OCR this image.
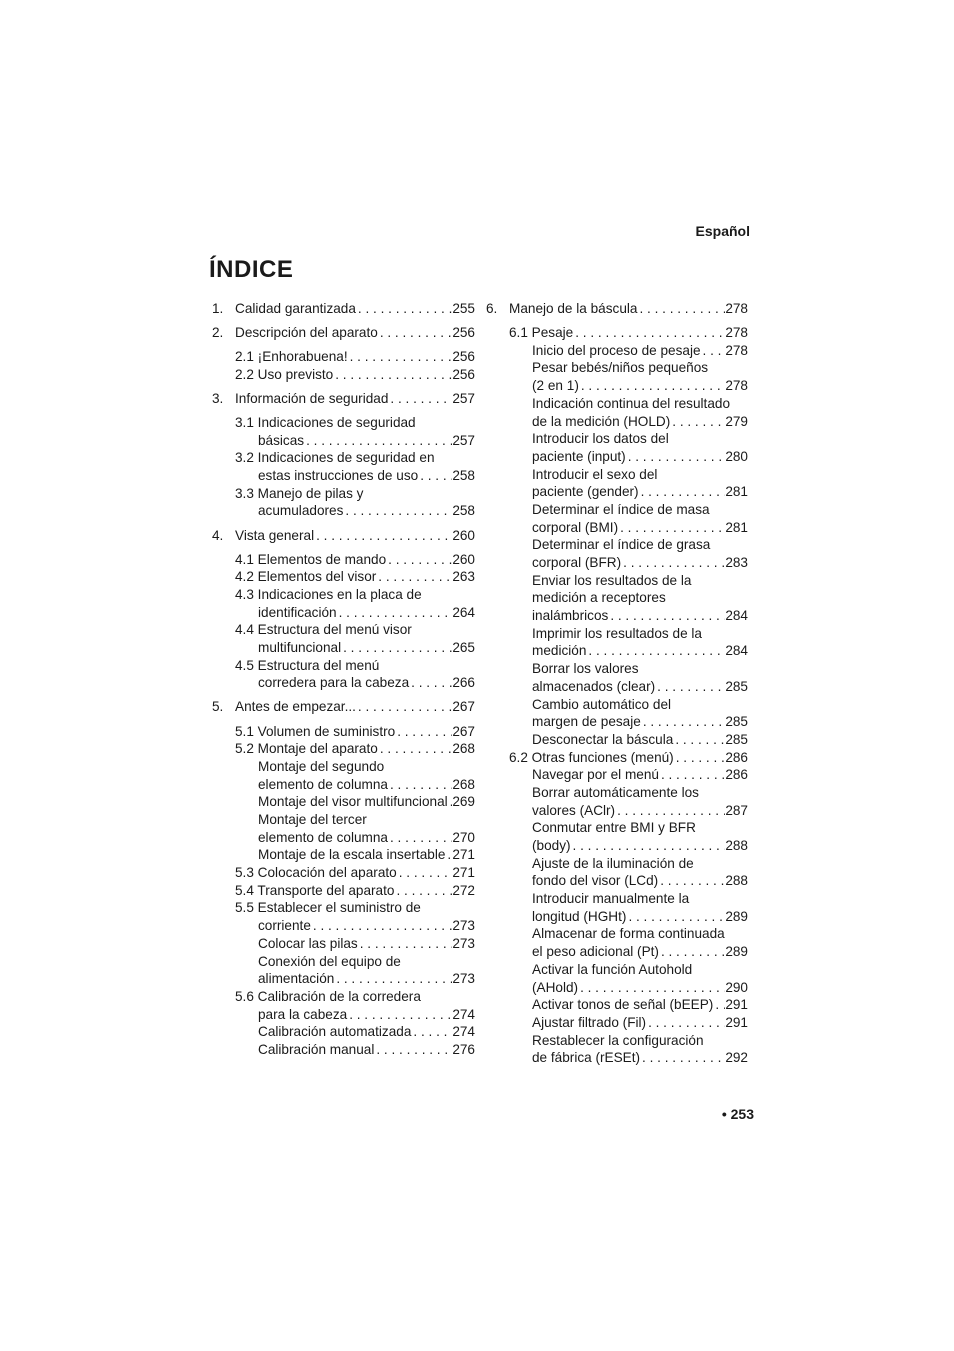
Español
ÍNDICE
1. Calidad garantizada . . .	255
2. Descripción del aparato . . .	256
2.1 ¡Enhorabuena! . . .	256
2.2 Uso previsto . . .	256
3. Información de seguridad . . .	257
3.1 Indicaciones de seguridad
básicas . . .	257
3.2 Indicaciones de seguridad en
estas instrucciones de uso . . .	258
3.3 Manejo de pilas y
acumuladores . . .	258
4. Vista general . . .	260
4.1 Elementos de mando . . .	260
4.2 Elementos del visor . . .	263
4.3 Indicaciones en la placa de
identificación . . .	264
4.4 Estructura del menú visor
multifuncional . . .	265
4.5 Estructura del menú
corredera para la cabeza . . .	266
5. Antes de empezar... . . .	267
5.1 Volumen de suministro . . .	267
5.2 Montaje del aparato . . .	268
Montaje del segundo
elemento de columna . . .	268
Montaje del visor multifuncional . . . 269
Montaje del tercer
elemento de columna . . .	270
Montaje de la escala insertable . . . 271
5.3 Colocación del aparato . . .	271
5.4 Transporte del aparato . . .	272
5.5 Establecer el suministro de
corriente . . .	273
Colocar las pilas . . .	273
Conexión del equipo de
alimentación . . .	273
5.6 Calibración de la corredera
para la cabeza . . .	274
Calibración automatizada . . .	274
Calibración manual . . .	276
6. Manejo de la báscula . . .	278
6.1 Pesaje . . .	278
Inicio del proceso de pesaje . . . 278
Pesar bebés/niños pequeños
(2 en 1) . . .	278
Indicación continua del resultado
de la medición (HOLD) . . .	279
Introducir los datos del
paciente (input) . . .	280
Introducir el sexo del
paciente (gender) . . .	281
Determinar el índice de masa
corporal (BMI) . . .	281
Determinar el índice de grasa
corporal (BFR) . . .	283
Enviar los resultados de la
medición a receptores
inalámbricos . . .	284
Imprimir los resultados de la
medición . . .	284
Borrar los valores
almacenados (clear) . . .	285
Cambio automático del
margen de pesaje . . .	285
Desconectar la báscula . . .	285
6.2 Otras funciones (menú) . . .	286
Navegar por el menú . . .	286
Borrar automáticamente los
valores (AClr) . . .	287
Conmutar entre BMI y BFR
(body) . . .	288
Ajuste de la iluminación de
fondo del visor (LCd) . . .	288
Introducir manualmente la
longitud (HGHt) . . .	289
Almacenar de forma continuada
el peso adicional (Pt) . . .	289
Activar la función Autohold
(AHold) . . .	290
Activar tonos de señal (bEEP) . . . 291
Ajustar filtrado (Fil) . . .	291
Restablecer la configuración
de fábrica (rESEt) . . .	292
• 253
